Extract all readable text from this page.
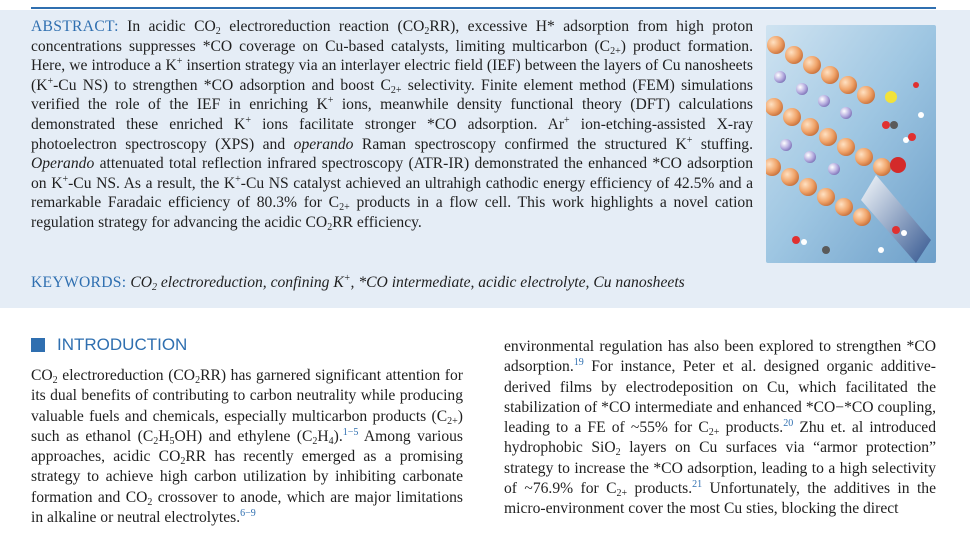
ABSTRACT: In acidic $CO_2$ electroreduction reaction $(CO_2RR)$, excessive H* adsorption from high proton concentrations suppresses *CO coverage on Cu-based catalysts, limiting multicarbon $(C_{2+})$ product formation. Here, we introduce a K+ insertion strategy via an interlayer electric field (IEF) between the layers of Cu nanosheets (K+-Cu NS) to strengthen *CO adsorption and boost $C_{2+}$ selectivity. Finite element method (FEM) simulations verified the role of the IEF in enriching K+ ions, meanwhile density functional theory (DFT) calculations demonstrated these enriched K+ ions facilitate stronger *CO adsorption. Ar+ ion-etching-assisted X-ray photoelectron spectroscopy (XPS) and operando Raman spectroscopy confirmed the structured K+ stuffing. Operando attenuated total reflection infrared spectroscopy (ATR-IR) demonstrated the enhanced *CO adsorption on K+-Cu NS. As a result, the K+-Cu NS catalyst achieved an ultrahigh cathodic energy efficiency of 42.5% and a remarkable Faradaic efficiency of 80.3% for $C_{2+}$ products in a flow cell. This work highlights a novel cation regulation strategy for advancing the acidic $CO_2RR$ efficiency.
KEYWORDS: $CO_2$ electroreduction, confining K+, *CO intermediate, acidic electrolyte, Cu nanosheets
INTRODUCTION

$CO_2$ electroreduction $(CO_2RR)$ has garnered significant attention for its dual benefits of contributing to carbon neutrality while producing valuable fuels and chemicals, especially multicarbon products $(C_{2+})$ such as ethanol $(C_2H_5OH)$ and ethylene $(C_2H_4).^{1-5}$ Among various approaches, acidic $CO_2RR$ has recently emerged as a promising strategy to achieve high carbon utilization by inhibiting carbonate formation and $CO_2$ crossover to anode, which are major limitations in alkaline or neutral electrolytes.$^{6-9}$

environmental regulation has also been explored to strengthen *CO adsorption.$^{19}$ For instance, Peter et al. designed organic additive-derived films by electrodeposition on Cu, which facilitated the stabilization of *CO intermediate and enhanced *CO−*CO coupling, leading to a FE of ~55% for $C_{2+}$ products.$^{20}$ Zhu et. al introduced hydrophobic SiO$_2$ layers on Cu surfaces via “armor protection” strategy to increase the *CO adsorption, leading to a high selectivity of ~76.9% for $C_{2+}$ products.$^{21}$ Unfortunately, the additives in the micro-environment cover the most Cu sties, blocking the direct
